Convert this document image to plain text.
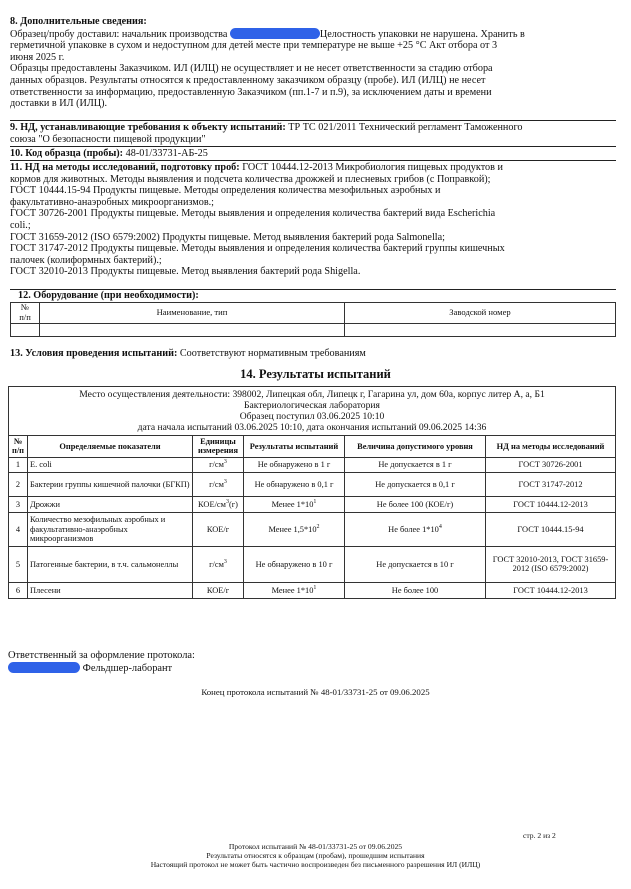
8. Дополнительные сведения:
Образец/пробу доставил: начальник производства	Целостность упаковки не нарушена. Хранить в
герметичной упаковке в сухом и недоступном для детей месте при температуре не выше +25 °С Акт отбора от 3
июня 2025 г.
Образцы предоставлены Заказчиком. ИЛ (ИЛЦ) не осуществляет и не несет ответственности за стадию отбора
данных образцов. Результаты относятся к предоставленному заказчиком образцу (пробе). ИЛ (ИЛЦ) не несет
ответственности за информацию, предоставленную Заказчиком (пп.1-7 и п.9), за исключением даты и времени
доставки в ИЛ (ИЛЦ).
9. НД, устанавливающие требования к объекту испытаний: ТР ТС 021/2011 Технический регламент Таможенного
союза "О безопасности пищевой продукции"
10. Код образца (пробы): 48-01/33731-АБ-25
11. НД на методы исследований, подготовку проб: ГОСТ 10444.12-2013 Микробиология пищевых продуктов и
кормов для животных. Методы выявления и подсчета количества дрожжей и плесневых грибов (с Поправкой);
ГОСТ 10444.15-94 Продукты пищевые. Методы определения количества мезофильных аэробных и
факультативно-анаэробных микроорганизмов.;
ГОСТ 30726-2001 Продукты пищевые. Методы выявления и определения количества бактерий вида Escherichia
coli.;
ГОСТ 31659-2012 (ISO 6579:2002) Продукты пищевые. Метод выявления бактерий рода Salmonella;
ГОСТ 31747-2012 Продукты пищевые. Методы выявления и определения количества бактерий группы кишечных
палочек (колиформных бактерий).;
ГОСТ 32010-2013 Продукты пищевые. Метод выявления бактерий рода Shigella.
12. Оборудование (при необходимости):
№
п/п	Наименование, тип	Заводской номер

13. Условия проведения испытаний: Соответствуют нормативным требованиям
14. Результаты испытаний
Место осуществления деятельности: 398002, Липецкая обл, Липецк г, Гагарина ул, дом 60а, корпус литер А, а, Б1
Бактериологическая лаборатория
Образец поступил 03.06.2025 10:10
дата начала испытаний 03.06.2025 10:10, дата окончания испытаний 09.06.2025 14:36					

№ п/п	Определяемые показатели	Единицы измерения	Результаты испытаний	Величина допустимого уровня	НД на методы исследований
1	E. coli	$г/см^3$	Не обнаружено в 1 г	Не допускается в 1 г	ГОСТ 30726-2001
2	Бактерии группы кишечной палочки (БГКП)	$г/см^3$	Не обнаружено в 0,1 г	Не допускается в 0,1 г	ГОСТ 31747-2012
3	Дрожжи	КОЕ/$см^3(г)$	Менее $1*10^1$	Не более 100 (КОЕ/г)	ГОСТ 10444.12-2013
4	Количество мезофильных аэробных и факультативно-анаэробных микроорганизмов	КОЕ/г	Менее $1,5*10^2$	Не более $1*10^4$	ГОСТ 10444.15-94
5	Патогенные бактерии, в т.ч. сальмонеллы	$г/см^3$	Не обнаружено в 10 г	Не допускается в 10 г	ГОСТ 32010-2013, ГОСТ 31659-2012 (ISO 6579:2002)
6	Плесени	КОЕ/г	Менее $1*10^1$	Не более 100	ГОСТ 10444.12-2013
Ответственный за оформление протокола:
Фельдшер-лаборант
Конец протокола испытаний № 48-01/33731-25 от 09.06.2025
стр. 2 из 2
Протокол испытаний № 48-01/33731-25 от 09.06.2025
Результаты относятся к образцам (пробам), прошедшим испытания
Настоящий протокол не может быть частично воспроизведен без письменного разрешения ИЛ (ИЛЦ)
